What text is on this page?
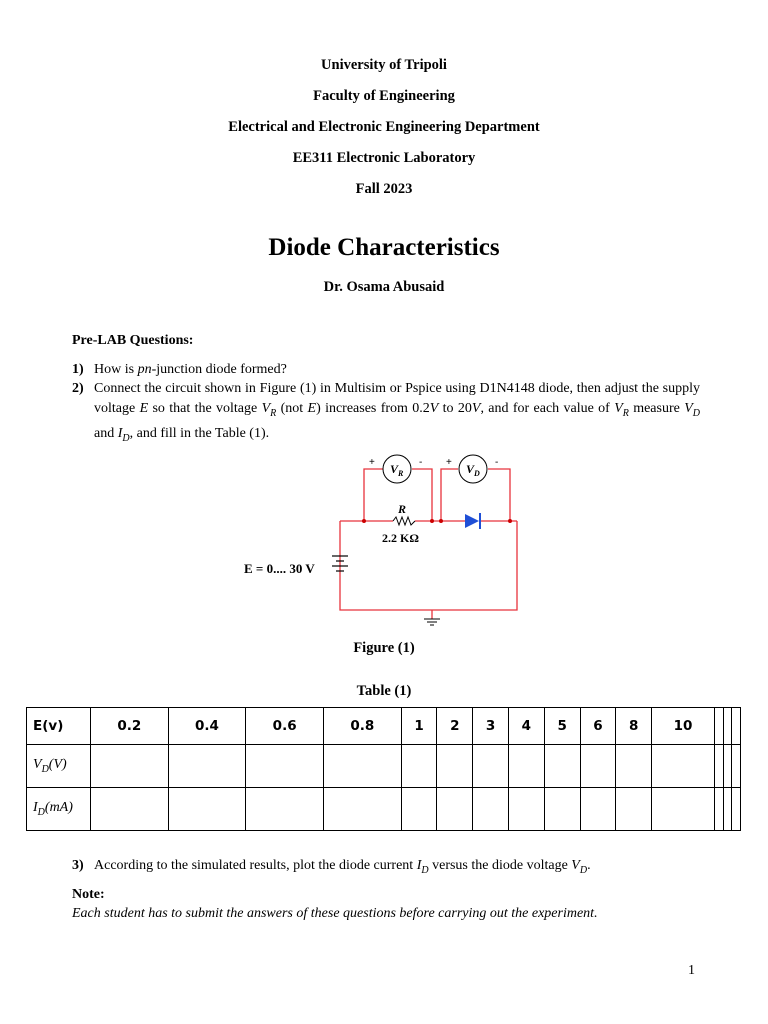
University of Tripoli
Faculty of Engineering
Electrical and Electronic Engineering Department
EE311 Electronic Laboratory
Fall 2023
Diode Characteristics
Dr. Osama Abusaid
Pre-LAB Questions:
1) How is pn-junction diode formed?
2) Connect the circuit shown in Figure (1) in Multisim or Pspice using D1N4148 diode, then adjust the supply voltage E so that the voltage $V_R$ (not E) increases from 0.2V to 20V, and for each value of $V_R$ measure $V_D$ and $I_D$, and fill in the Table (1).
$V_R$	$V_D$
+	- +	-
R
2.2 KΩ
E = 0.... 30 V
Figure (1)
Table (1)
E(v)	0.2	0.4	0.6	0.8	1	2	3	4	5	6	8	10			
$V_D(V)$															
$I_D(mA)$															
3) According to the simulated results, plot the diode current $I_D$ versus the diode voltage $V_D$.
Note:
Each student has to submit the answers of these questions before carrying out the experiment.
1
